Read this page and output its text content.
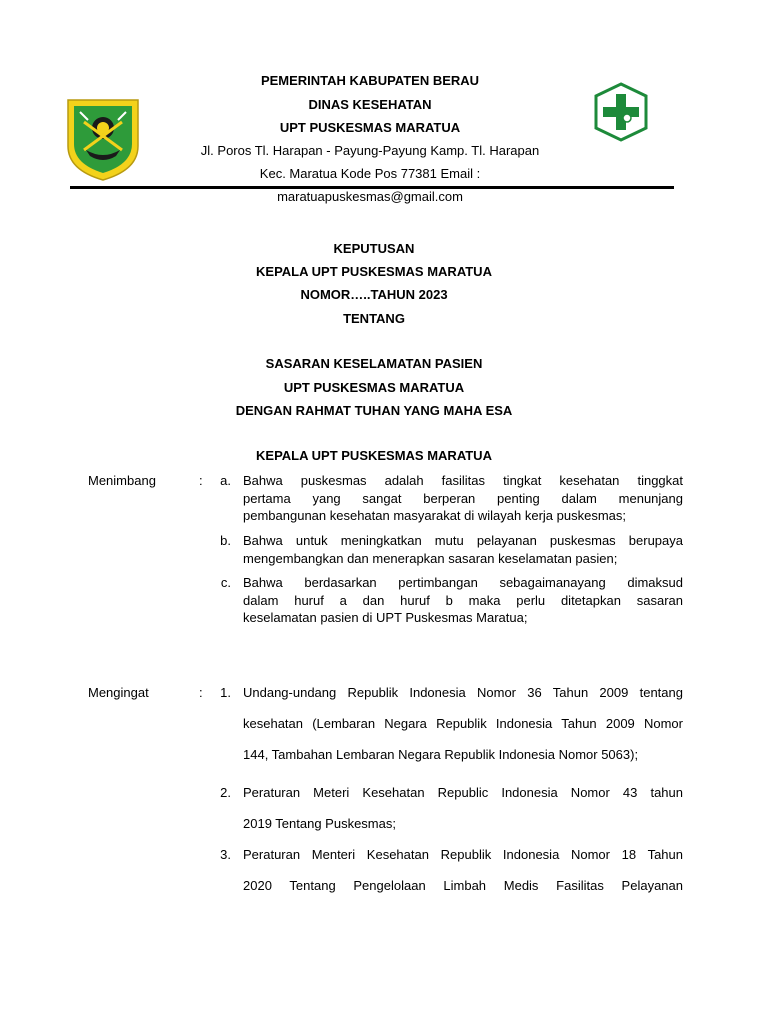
PEMERINTAH KABUPATEN BERAU
DINAS KESEHATAN
UPT PUSKESMAS MARATUA
Jl. Poros Tl. Harapan - Payung-Payung Kamp. Tl. Harapan
Kec. Maratua Kode Pos 77381 Email :
maratuapuskesmas@gmail.com
KEPUTUSAN
KEPALA UPT PUSKESMAS MARATUA
NOMOR…..TAHUN 2023
TENTANG
SASARAN KESELAMATAN PASIEN
UPT PUSKESMAS MARATUA
DENGAN RAHMAT TUHAN YANG MAHA ESA
KEPALA UPT PUSKESMAS MARATUA
Menimbang	:	a. Bahwa puskesmas adalah fasilitas tingkat kesehatan tinggkat
pertama yang sangat berperan penting dalam menunjang
pembangunan kesehatan masyarakat di wilayah kerja puskesmas;
b. Bahwa untuk meningkatkan mutu pelayanan puskesmas berupaya
mengembangkan dan menerapkan sasaran keselamatan pasien;
c. Bahwa berdasarkan pertimbangan sebagaimanayang dimaksud
dalam huruf a dan huruf b maka perlu ditetapkan sasaran
keselamatan pasien di UPT Puskesmas Maratua;
Mengingat	:	1. Undang-undang Republik Indonesia Nomor 36 Tahun 2009 tentang
kesehatan (Lembaran Negara Republik Indonesia Tahun 2009 Nomor
144, Tambahan Lembaran Negara Republik Indonesia Nomor 5063);
2. Peraturan Meteri Kesehatan Republic Indonesia Nomor 43 tahun
2019 Tentang Puskesmas;
3. Peraturan Menteri Kesehatan Republik Indonesia Nomor 18 Tahun
2020 Tentang Pengelolaan Limbah Medis Fasilitas Pelayanan
